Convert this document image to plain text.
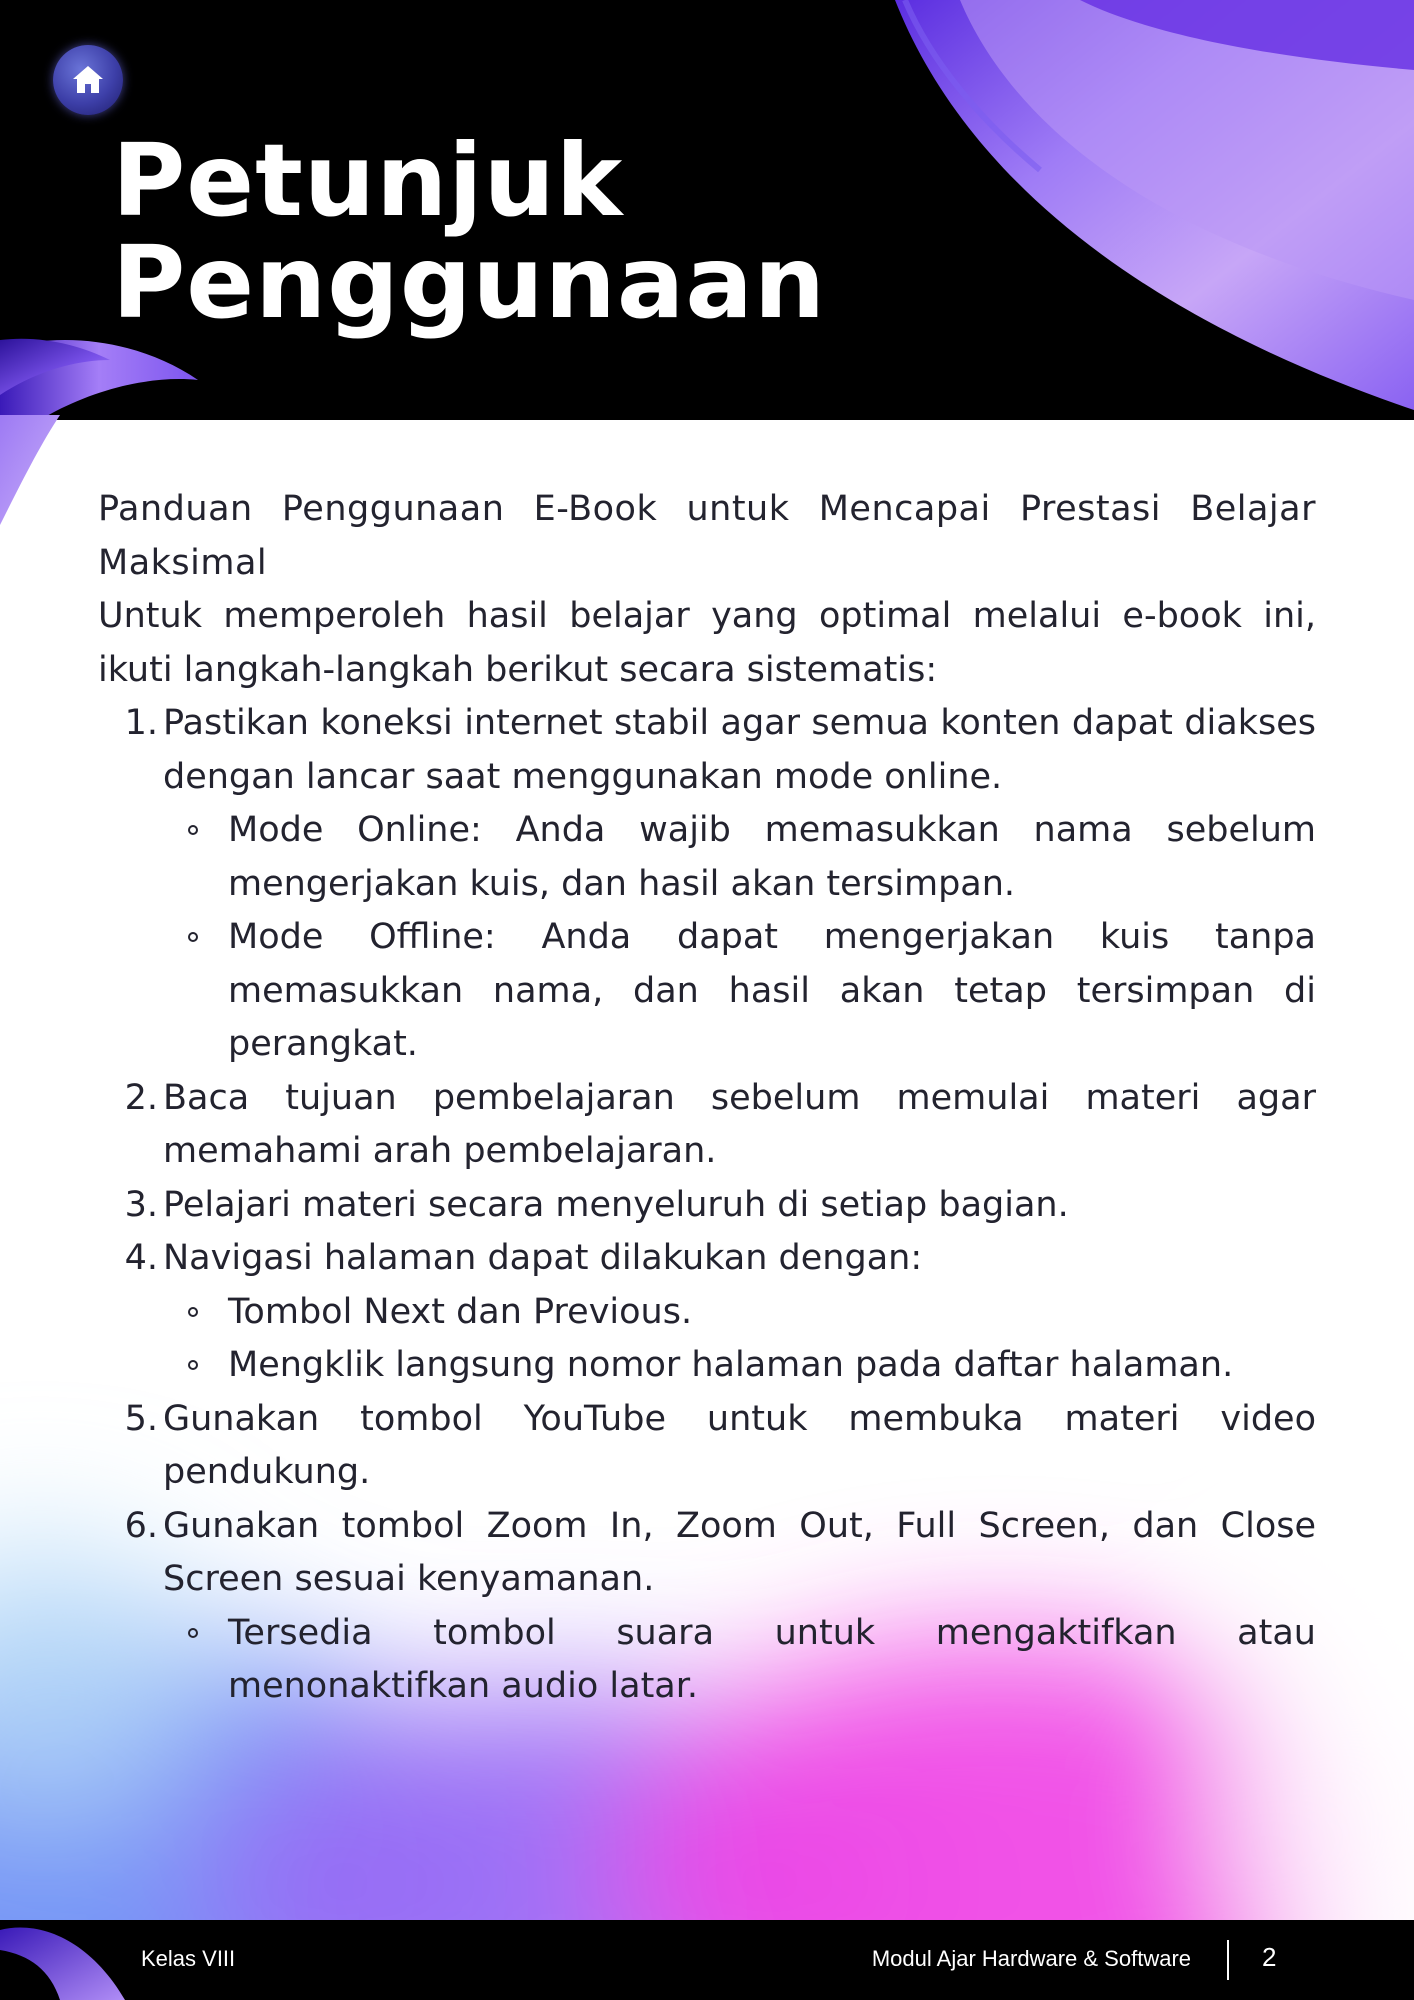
Petunjuk
Penggunaan

Panduan Penggunaan E-Book untuk Mencapai Prestasi Belajar Maksimal

Untuk memperoleh hasil belajar yang optimal melalui e-book ini, ikuti langkah-langkah berikut secara sistematis:

1. Pastikan koneksi internet stabil agar semua konten dapat diakses dengan lancar saat menggunakan mode online.
Mode Online: Anda wajib memasukkan nama sebelum mengerjakan kuis, dan hasil akan tersimpan.
Mode Offline: Anda dapat mengerjakan kuis tanpa memasukkan nama, dan hasil akan tetap tersimpan di perangkat.
2. Baca tujuan pembelajaran sebelum memulai materi agar memahami arah pembelajaran.
3. Pelajari materi secara menyeluruh di setiap bagian.
4. Navigasi halaman dapat dilakukan dengan:
Tombol Next dan Previous.
Mengklik langsung nomor halaman pada daftar halaman.
5. Gunakan tombol YouTube untuk membuka materi video pendukung.
6. Gunakan tombol Zoom In, Zoom Out, Full Screen, dan Close Screen sesuai kenyamanan.
Tersedia tombol suara untuk mengaktifkan atau menonaktifkan audio latar.
Kelas VIII	Modul Ajar Hardware & Software	2
